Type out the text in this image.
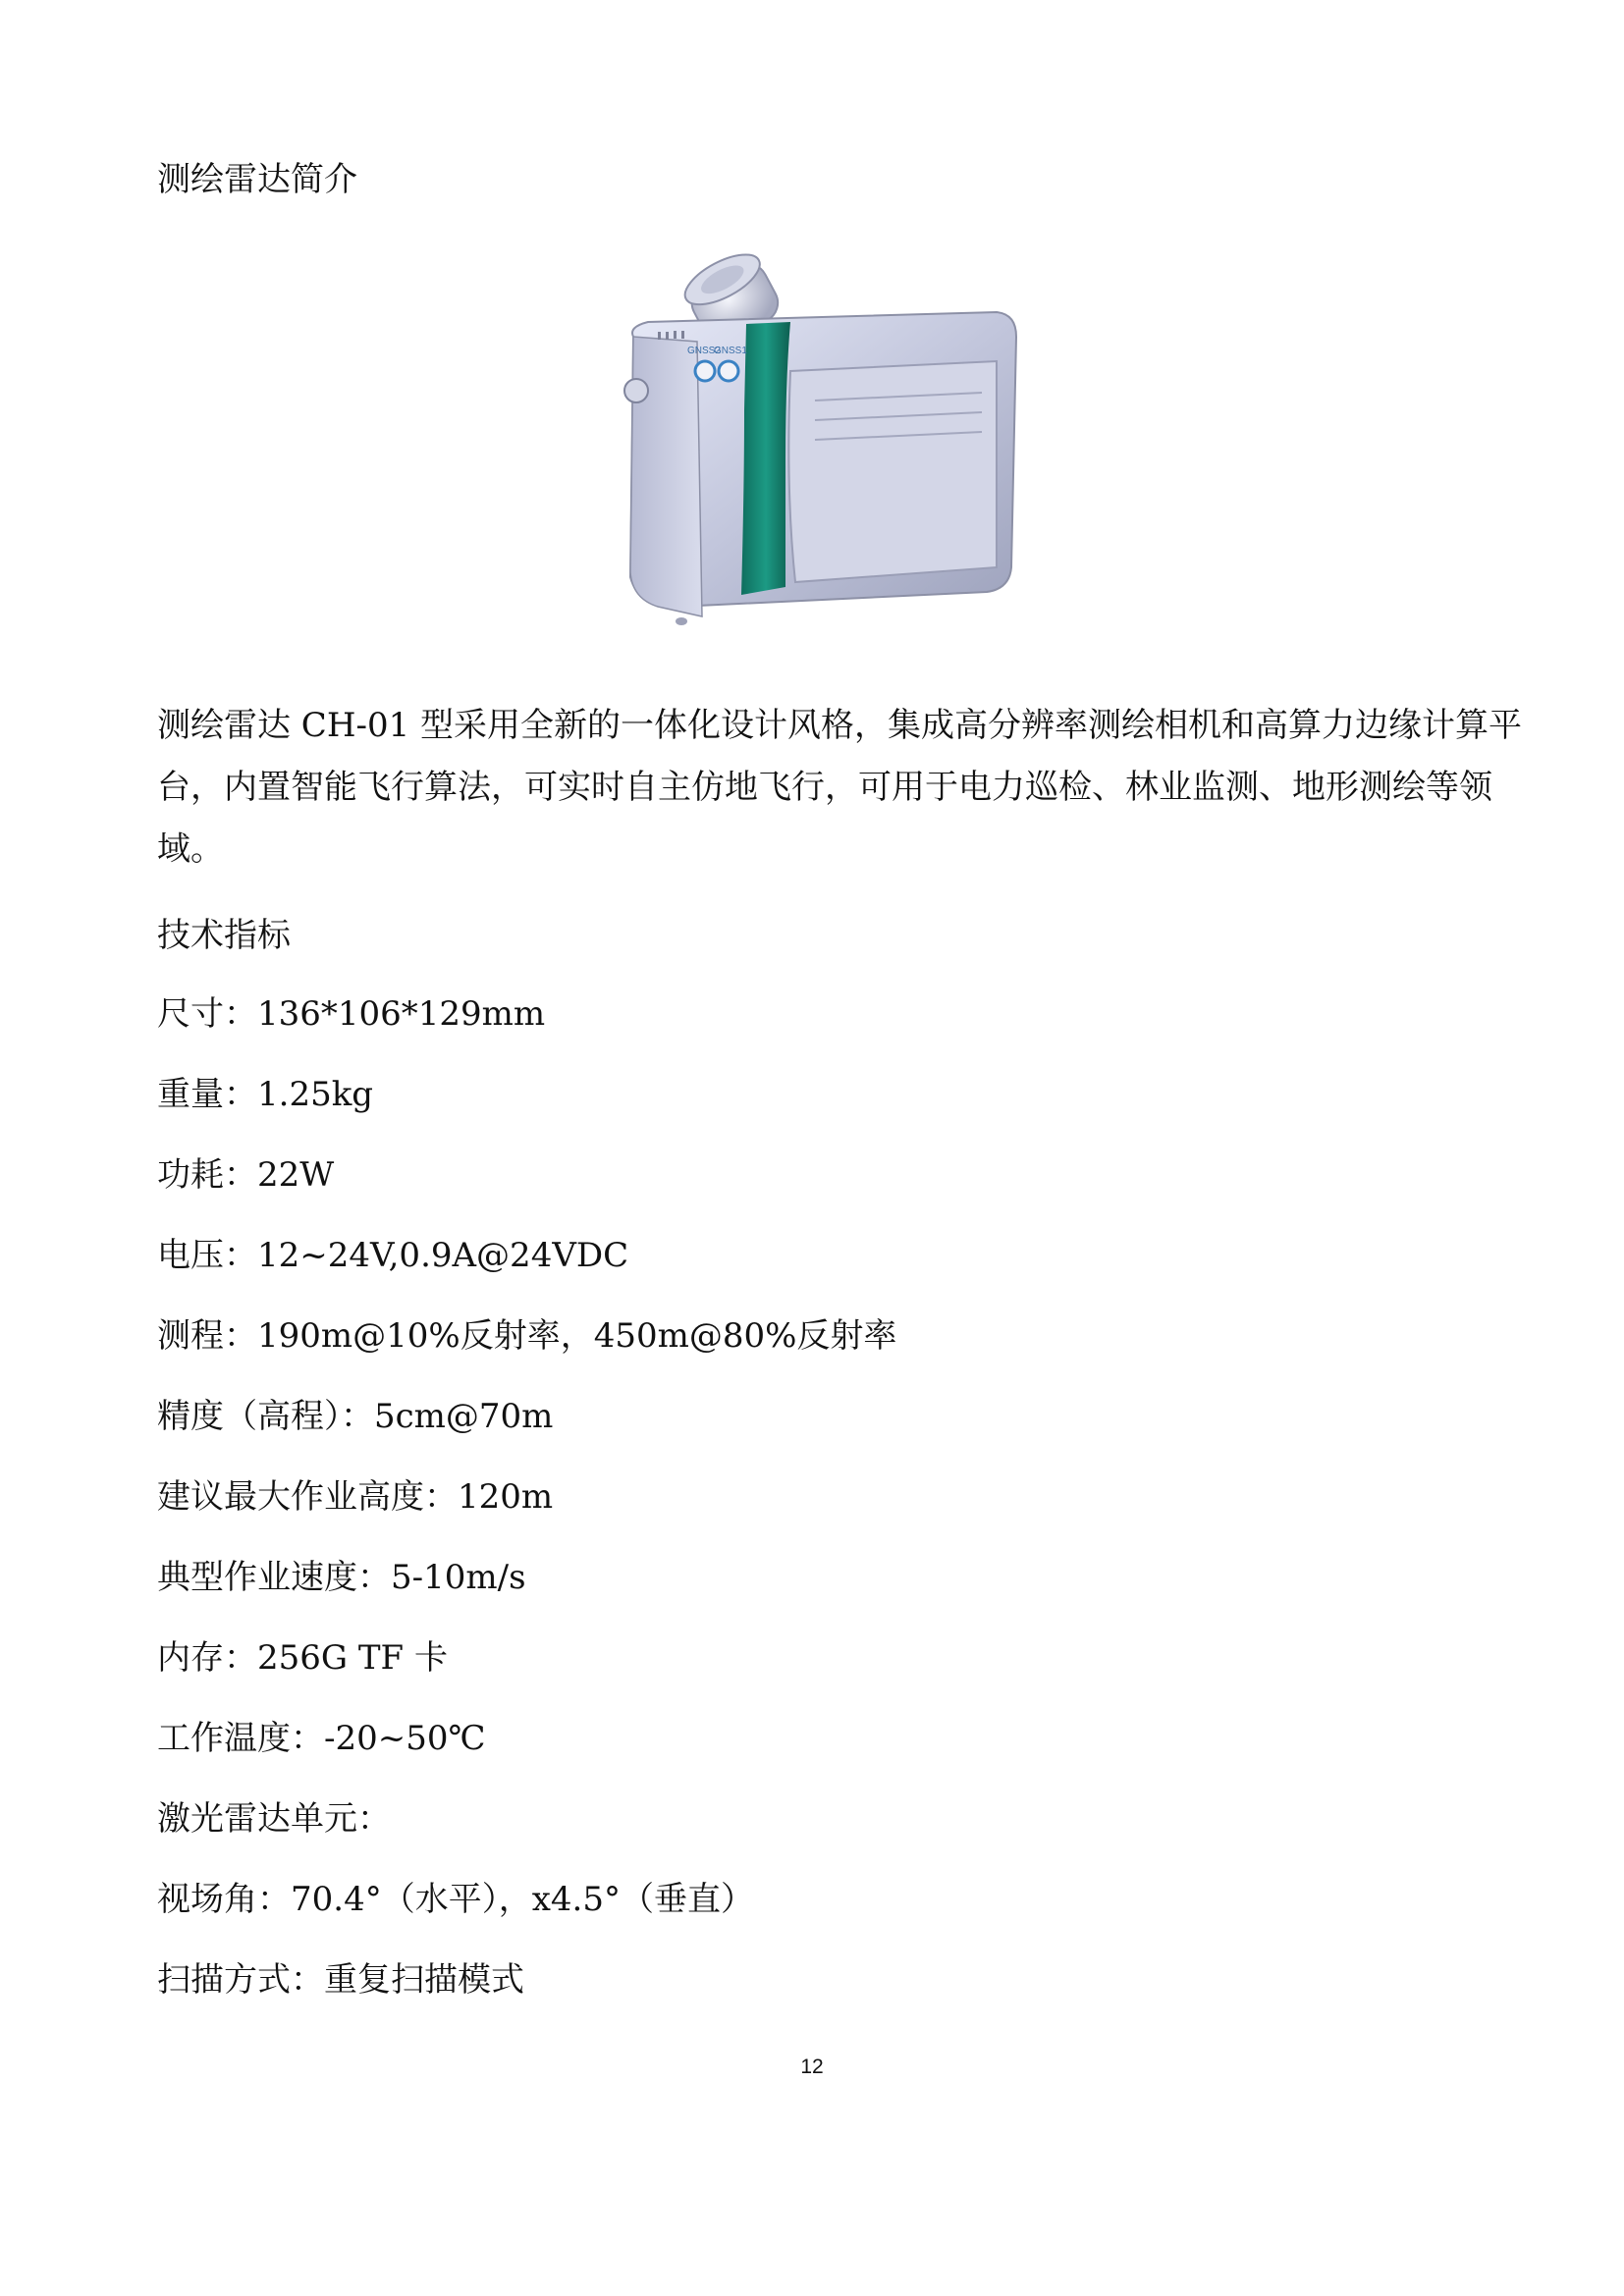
测绘雷达简介
GNSS2
GNSS1
测绘雷达 CH-01 型采用全新的一体化设计风格，集成高分辨率测绘相机和高算力边缘计算平
台，内置智能飞行算法，可实时自主仿地飞行，可用于电力巡检、林业监测、地形测绘等领
域。
技术指标
尺寸：136*106*129mm
重量：1.25kg
功耗：22W
电压：12~24V,0.9A@24VDC
测程：190m@10%反射率，450m@80%反射率
精度（高程）：5cm@70m
建议最大作业高度：120m
典型作业速度：5-10m/s
内存：256G TF 卡
工作温度：-20~50℃
激光雷达单元：
视场角：70.4°（水平），x4.5°（垂直）
扫描方式：重复扫描模式
12
